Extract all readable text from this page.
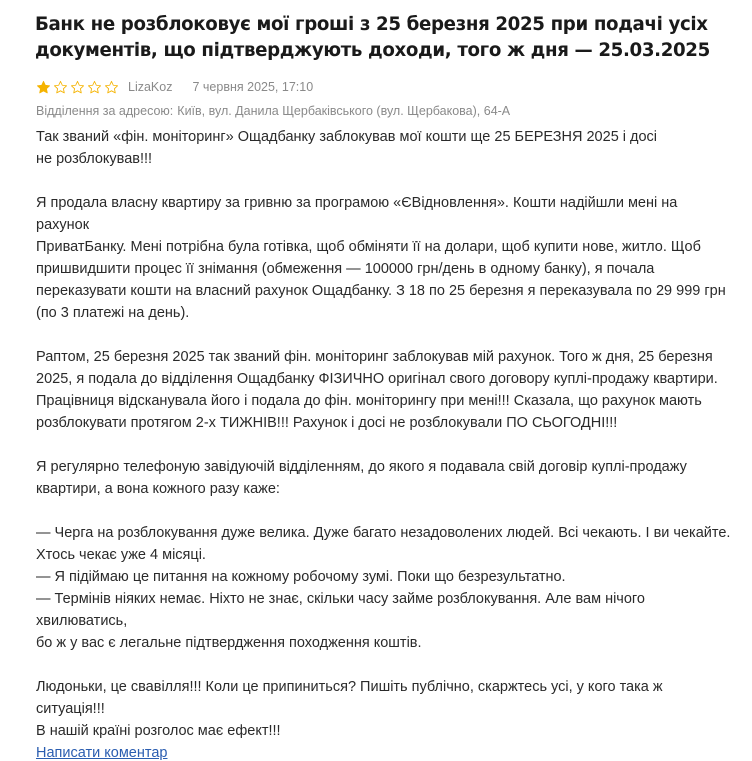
Банк не розблоковує мої гроші з 25 березня 2025 при подачі усіх документів, що підтверджують доходи, того ж дня — 25.03.2025
LizaKoz 7 червня 2025, 17:10
Відділення за адресою: Київ, вул. Данила Щербаківського (вул. Щербакова), 64-А

Так званий «фін. моніторинг» Ощадбанку заблокував мої кошти ще 25 БЕРЕЗНЯ 2025 і досі
не розблокував!!!

Я продала власну квартиру за гривню за програмою «ЄВідновлення». Кошти надійшли мені на рахунок
ПриватБанку. Мені потрібна була готівка, щоб обміняти її на долари, щоб купити нове, житло. Щоб
пришвидшити процес її знімання (обмеження — 100000 грн/день в одному банку), я почала
переказувати кошти на власний рахунок Ощадбанку. З 18 по 25 березня я переказувала по 29 999 грн
(по 3 платежі на день).

Раптом, 25 березня 2025 так званий фін. моніторинг заблокував мій рахунок. Того ж дня, 25 березня
2025, я подала до відділення Ощадбанку ФІЗИЧНО оригінал свого договору куплі-продажу квартири.
Працівниця відсканувала його і подала до фін. моніторингу при мені!!! Сказала, що рахунок мають
розблокувати протягом 2-х ТИЖНІВ!!! Рахунок і досі не розблокували ПО СЬОГОДНІ!!!

Я регулярно телефоную завідуючій відділенням, до якого я подавала свій договір куплі-продажу
квартири, а вона кожного разу каже:

— Черга на розблокування дуже велика. Дуже багато незадоволених людей. Всі чекають. І ви чекайте.
Хтось чекає уже 4 місяці.
— Я підіймаю це питання на кожному робочому зумі. Поки що безрезультатно.
— Термінів ніяких немає. Ніхто не знає, скільки часу займе розблокування. Але вам нічого хвилюватись,
бо ж у вас є легальне підтвердження походження коштів.

Людоньки, це свавілля!!! Коли це припиниться? Пишіть публічно, скаржтесь усі, у кого така ж ситуація!!!
В нашій країні розголос має ефект!!!

Написати коментар
